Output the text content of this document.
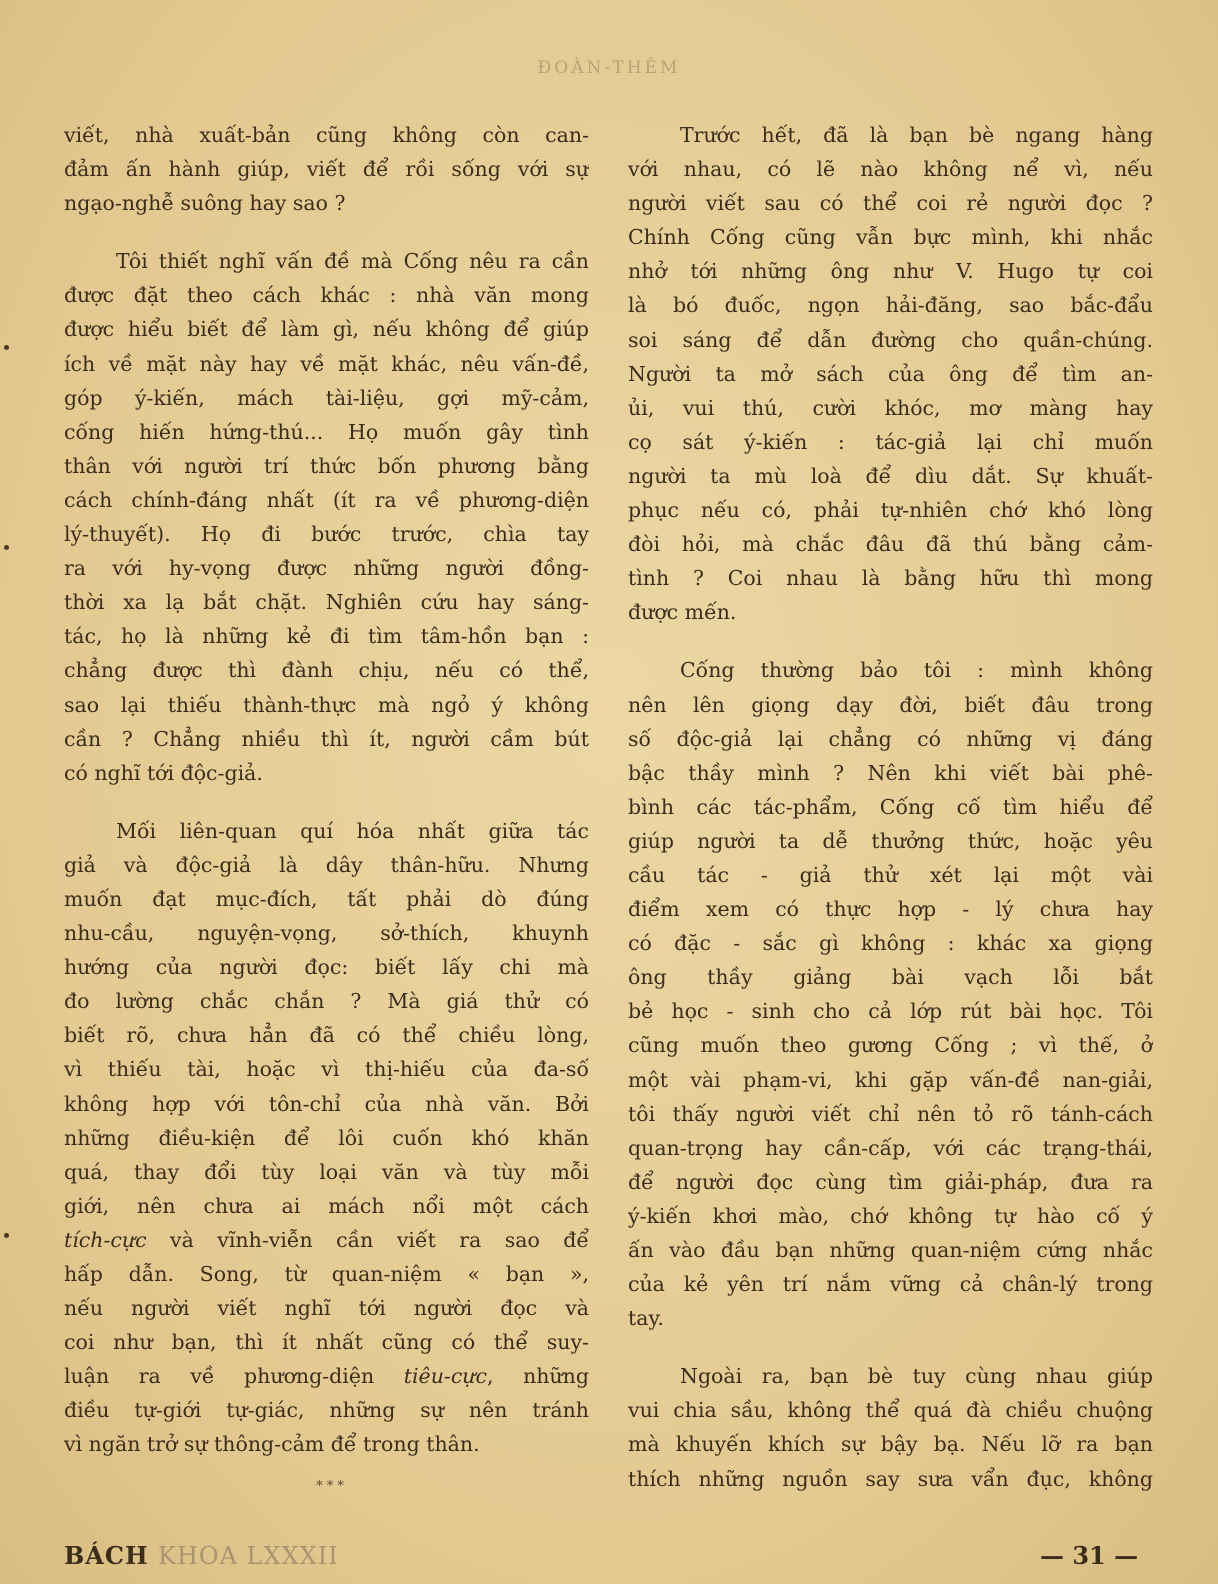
ĐOÀN-THÊM
viết, nhà xuất-bản cũng không còn can-
đảm ấn hành giúp, viết để rồi sống với sự
ngạo-nghễ suông hay sao ?
Tôi thiết nghĩ vấn đề mà Cống nêu ra cần
được đặt theo cách khác : nhà văn mong
được hiểu biết để làm gì, nếu không để giúp
ích về mặt này hay về mặt khác, nêu vấn-đề,
góp ý-kiến, mách tài-liệu, gợi mỹ-cảm,
cống hiến hứng-thú... Họ muốn gây tình
thân với người trí thức bốn phương bằng
cách chính-đáng nhất (ít ra về phương-diện
lý-thuyết). Họ đi bước trước, chìa tay
ra với hy-vọng được những người đồng-
thời xa lạ bắt chặt. Nghiên cứu hay sáng-
tác, họ là những kẻ đi tìm tâm-hồn bạn :
chẳng được thì đành chịu, nếu có thể,
sao lại thiếu thành-thực mà ngỏ ý không
cần ? Chẳng nhiều thì ít, người cầm bút
có nghĩ tới độc-giả.
Mối liên-quan quí hóa nhất giữa tác
giả và độc-giả là dây thân-hữu. Nhưng
muốn đạt mục-đích, tất phải dò đúng
nhu-cầu, nguyện-vọng, sở-thích, khuynh
hướng của người đọc: biết lấy chi mà
đo lường chắc chắn ? Mà giá thử có
biết rõ, chưa hẳn đã có thể chiều lòng,
vì thiếu tài, hoặc vì thị-hiếu của đa-số
không hợp với tôn-chỉ của nhà văn. Bởi
những điều-kiện để lôi cuốn khó khăn
quá, thay đổi tùy loại văn và tùy mỗi
giới, nên chưa ai mách nổi một cách
tích-cực và vĩnh-viễn cần viết ra sao để
hấp dẫn. Song, từ quan-niệm « bạn »,
nếu người viết nghĩ tới người đọc và
coi như bạn, thì ít nhất cũng có thể suy-
luận ra về phương-diện tiêu-cực, những
điều tự-giới tự-giác, những sự nên tránh
vì ngăn trở sự thông-cảm để trong thân.
Trước hết, đã là bạn bè ngang hàng
với nhau, có lẽ nào không nể vì, nếu
người viết sau có thể coi rẻ người đọc ?
Chính Cống cũng vẫn bực mình, khi nhắc
nhở tới những ông như V. Hugo tự coi
là bó đuốc, ngọn hải-đăng, sao bắc-đẩu
soi sáng để dẫn đường cho quần-chúng.
Người ta mở sách của ông để tìm an-
ủi, vui thú, cười khóc, mơ màng hay
cọ sát ý-kiến : tác-giả lại chỉ muốn
người ta mù loà để dìu dắt. Sự khuất-
phục nếu có, phải tự-nhiên chớ khó lòng
đòi hỏi, mà chắc đâu đã thú bằng cảm-
tình ? Coi nhau là bằng hữu thì mong
được mến.
Cống thường bảo tôi : mình không
nên lên giọng dạy đời, biết đâu trong
số độc-giả lại chẳng có những vị đáng
bậc thầy mình ? Nên khi viết bài phê-
bình các tác-phẩm, Cống cố tìm hiểu để
giúp người ta dễ thưởng thức, hoặc yêu
cầu tác - giả thử xét lại một vài
điểm xem có thực hợp - lý chưa hay
có đặc - sắc gì không : khác xa giọng
ông thầy giảng bài vạch lỗi bắt
bẻ học - sinh cho cả lớp rút bài học. Tôi
cũng muốn theo gương Cống ; vì thế, ở
một vài phạm-vi, khi gặp vấn-đề nan-giải,
tôi thấy người viết chỉ nên tỏ rõ tánh-cách
quan-trọng hay cần-cấp, với các trạng-thái,
để người đọc cùng tìm giải-pháp, đưa ra
ý-kiến khơi mào, chớ không tự hào cố ý
ấn vào đầu bạn những quan-niệm cứng nhắc
của kẻ yên trí nắm vững cả chân-lý trong
tay.
Ngoài ra, bạn bè tuy cùng nhau giúp
vui chia sầu, không thể quá đà chiều chuộng
mà khuyến khích sự bậy bạ. Nếu lỡ ra bạn
thích những nguồn say sưa vẩn đục, không
* * *
BÁCH KHOA LXXXII	— 31 —
